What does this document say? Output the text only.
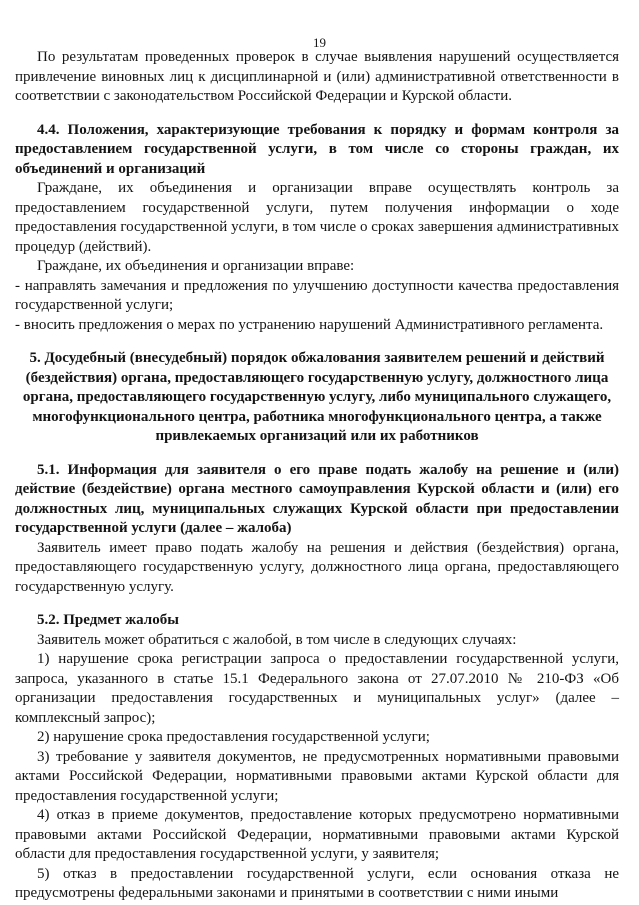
19

По результатам проведенных проверок в случае выявления нарушений осуществляется привлечение виновных лиц к дисциплинарной и (или) административной ответственности в соответствии с законодательством Российской Федерации и Курской области.

4.4. Положения, характеризующие требования к порядку и формам контроля за предоставлением государственной услуги, в том числе со стороны граждан, их объединений и организаций

Граждане, их объединения и организации вправе осуществлять контроль за предоставлением государственной услуги, путем получения информации о ходе предоставления государственной услуги, в том числе о сроках завершения административных процедур (действий).

Граждане, их объединения и организации вправе:

- направлять замечания и предложения по улучшению доступности качества предоставления государственной услуги;

- вносить предложения о мерах по устранению нарушений Административного регламента.

5. Досудебный (внесудебный) порядок обжалования заявителем решений и действий (бездействия) органа, предоставляющего государственную услугу, должностного лица органа, предоставляющего государственную услугу, либо муниципального служащего, многофункционального центра, работника многофункционального центра, а также привлекаемых организаций или их работников

5.1. Информация для заявителя о его праве подать жалобу на решение и (или) действие (бездействие) органа местного самоуправления Курской области и (или) его должностных лиц, муниципальных служащих Курской области при предоставлении государственной услуги (далее – жалоба)

Заявитель имеет право подать жалобу на решения и действия (бездействия) органа, предоставляющего государственную услугу, должностного лица органа, предоставляющего государственную услугу.

5.2. Предмет жалобы

Заявитель может обратиться с жалобой, в том числе в следующих случаях:

1) нарушение срока регистрации запроса о предоставлении государственной услуги, запроса, указанного в статье 15.1 Федерального закона от 27.07.2010 № 210-ФЗ «Об организации предоставления государственных и муниципальных услуг» (далее – комплексный запрос);

2) нарушение срока предоставления государственной услуги;

3) требование у заявителя документов, не предусмотренных нормативными правовыми актами Российской Федерации, нормативными правовыми актами Курской области для предоставления государственной услуги;

4) отказ в приеме документов, предоставление которых предусмотрено нормативными правовыми актами Российской Федерации, нормативными правовыми актами Курской области для предоставления государственной услуги, у заявителя;

5) отказ в предоставлении государственной услуги, если основания отказа не предусмотрены федеральными законами и принятыми в соответствии с ними иными
